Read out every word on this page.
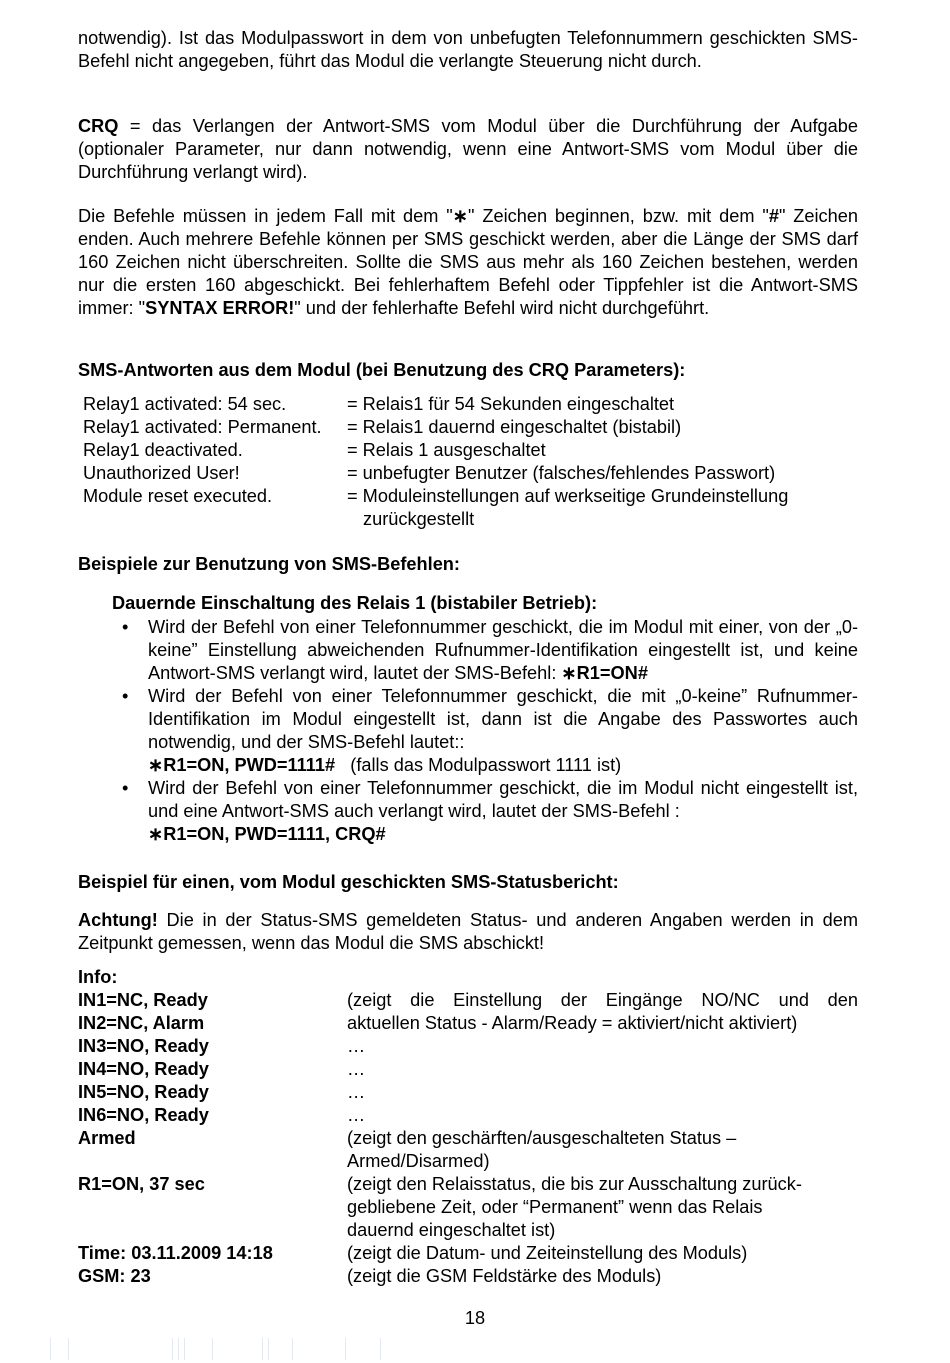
notwendig). Ist das Modulpasswort in dem von unbefugten Telefonnummern geschickten SMS-Befehl nicht angegeben, führt das Modul die verlangte Steuerung nicht durch.

CRQ = das Verlangen der Antwort-SMS vom Modul über die Durchführung der Aufgabe (optionaler Parameter, nur dann notwendig, wenn eine Antwort-SMS vom Modul über die Durchführung verlangt wird).

Die Befehle müssen in jedem Fall mit dem "∗" Zeichen beginnen, bzw. mit dem "#" Zeichen enden. Auch mehrere Befehle können per SMS geschickt werden, aber die Länge der SMS darf 160 Zeichen nicht überschreiten. Sollte die SMS aus mehr als 160 Zeichen bestehen, werden nur die ersten 160 abgeschickt. Bei fehlerhaftem Befehl oder Tippfehler ist die Antwort-SMS immer: "SYNTAX ERROR!" und der fehlerhafte Befehl wird nicht durchgeführt.

SMS-Antworten aus dem Modul (bei Benutzung des CRQ Parameters):
Relay1 activated: 54 sec.	= Relais1 für 54 Sekunden eingeschaltet
Relay1 activated: Permanent. = Relais1 dauernd eingeschaltet (bistabil)
Relay1 deactivated.	= Relais 1 ausgeschaltet
Unauthorized User!	= unbefugter Benutzer (falsches/fehlendes Passwort)
Module reset executed.	= Moduleinstellungen auf werkseitige Grundeinstellung
zurückgestellt
Beispiele zur Benutzung von SMS-Befehlen:
Dauernde Einschaltung des Relais 1 (bistabiler Betrieb):
• Wird der Befehl von einer Telefonnummer geschickt, die im Modul mit einer, von der „0-keine” Einstellung abweichenden Rufnummer-Identifikation eingestellt ist, und keine Antwort-SMS verlangt wird, lautet der SMS-Befehl: ∗R1=ON#
• Wird der Befehl von einer Telefonnummer geschickt, die mit „0-keine” Rufnummer-Identifikation im Modul eingestellt ist, dann ist die Angabe des Passwortes auch notwendig, und der SMS-Befehl lautet::
∗R1=ON, PWD=1111# (falls das Modulpasswort 1111 ist)
• Wird der Befehl von einer Telefonnummer geschickt, die im Modul nicht eingestellt ist, und eine Antwort-SMS auch verlangt wird, lautet der SMS-Befehl :
∗R1=ON, PWD=1111, CRQ#
Beispiel für einen, vom Modul geschickten SMS-Statusbericht:

Achtung! Die in der Status-SMS gemeldeten Status- und anderen Angaben werden in dem Zeitpunkt gemessen, wenn das Modul die SMS abschickt!

Info:
IN1=NC, Ready	(zeigt die Einstellung der Eingänge NO/NC und den
IN2=NC, Alarm	aktuellen Status - Alarm/Ready = aktiviert/nicht aktiviert)
IN3=NO, Ready	…
IN4=NO, Ready	…
IN5=NO, Ready	…
IN6=NO, Ready	…
Armed	(zeigt den geschärften/ausgeschalteten Status –
Armed/Disarmed)
R1=ON, 37 sec	(zeigt den Relaisstatus, die bis zur Ausschaltung zurück-
gebliebene Zeit, oder “Permanent” wenn das Relais
dauernd eingeschaltet ist)
Time: 03.11.2009 14:18	(zeigt die Datum- und Zeiteinstellung des Moduls)
GSM: 23	(zeigt die GSM Feldstärke des Moduls)
18
